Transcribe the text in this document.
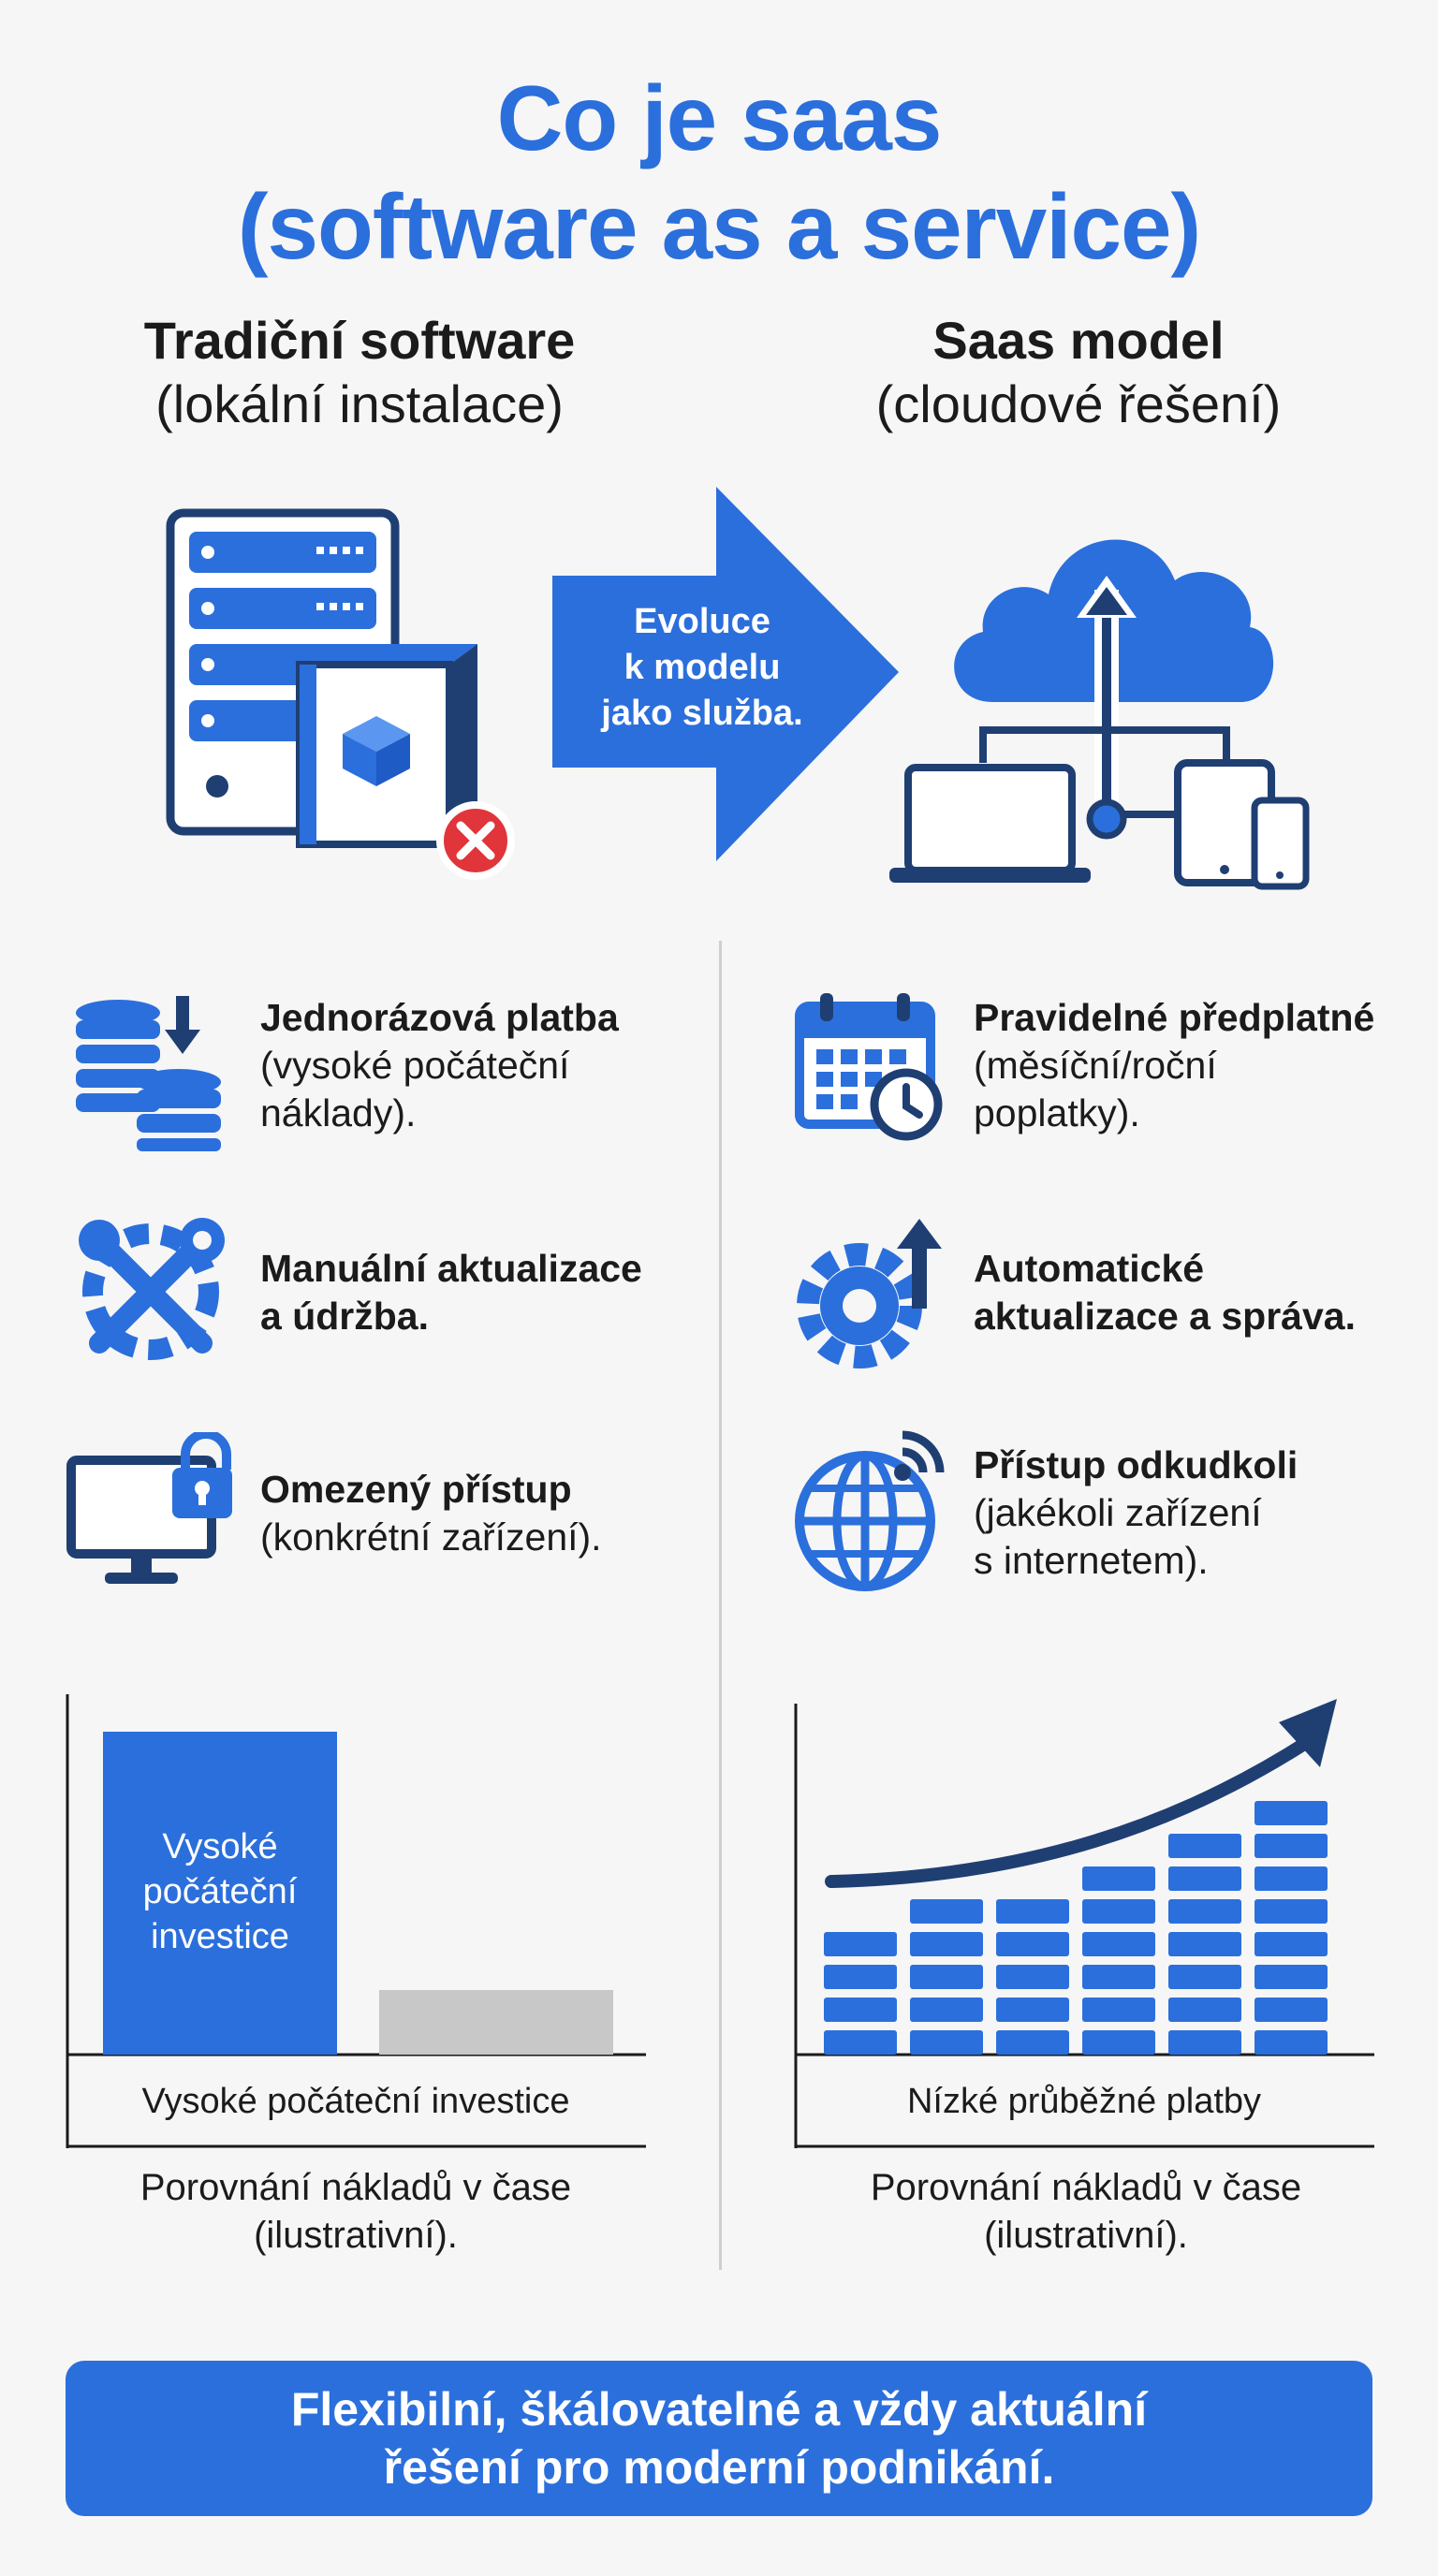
Co je saas
(software as a service)
Tradiční software
(lokální instalace)
Saas model
(cloudové řešení)
Evoluce
k modelu
jako služba.
Jednorázová platba
(vysoké počáteční
náklady).
Manuální aktualizace
a údržba.
Omezený přístup
(konkrétní zařízení).
Pravidelné předplatné
(měsíční/roční
poplatky).
Automatické
aktualizace a správa.
Přístup odkudkoli
(jakékoli zařízení
s internetem).
Vysoké
počáteční
investice
Vysoké počáteční investice
Porovnání nákladů v čase
(ilustrativní).
Nízké průběžné platby
Porovnání nákladů v čase
(ilustrativní).
Flexibilní, škálovatelné a vždy aktuální
řešení pro moderní podnikání.
